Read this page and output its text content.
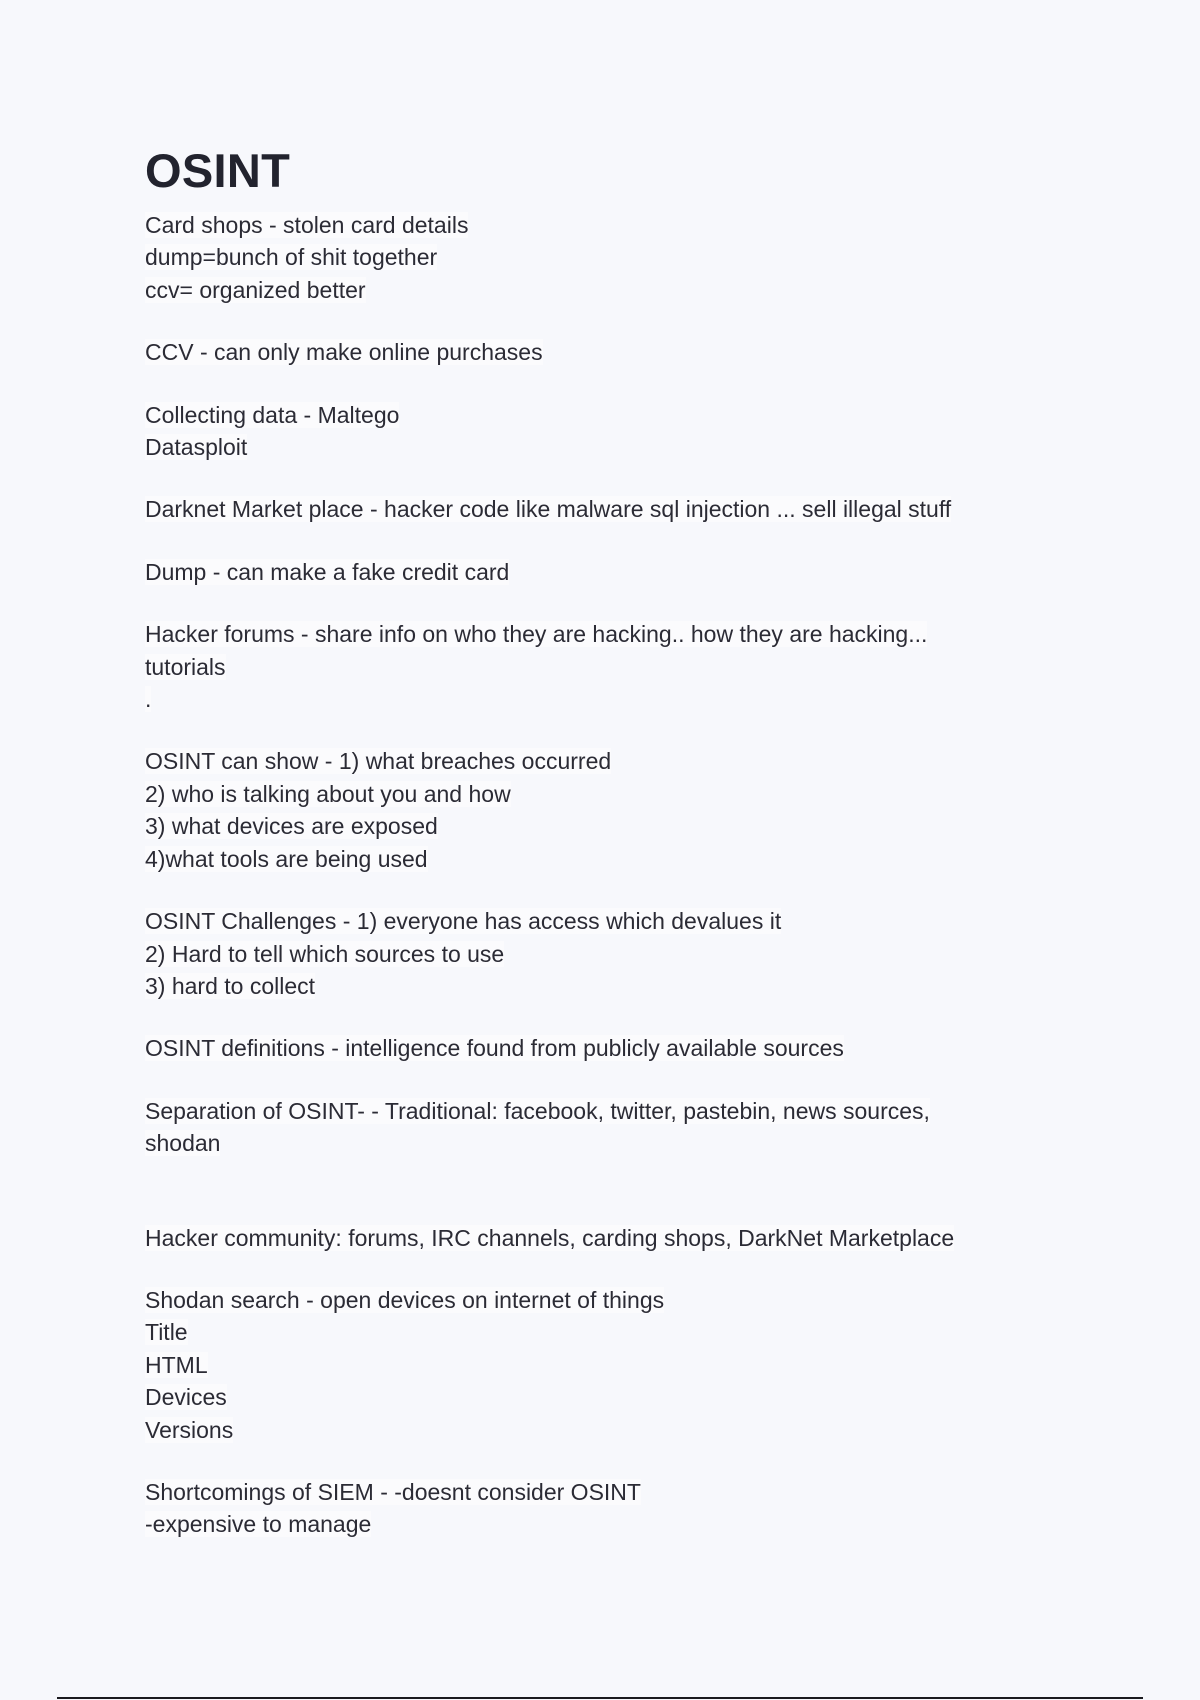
OSINT
Card shops - stolen card details
dump=bunch of shit together
ccv= organized better
CCV - can only make online purchases
Collecting data - Maltego
Datasploit
Darknet Market place - hacker code like malware sql injection ... sell illegal stuff
Dump - can make a fake credit card
Hacker forums - share info on who they are hacking.. how they are hacking...
tutorials
.
OSINT can show - 1) what breaches occurred
2) who is talking about you and how
3) what devices are exposed
4)what tools are being used
OSINT Challenges - 1) everyone has access which devalues it
2) Hard to tell which sources to use
3) hard to collect
OSINT definitions - intelligence found from publicly available sources
Separation of OSINT- - Traditional: facebook, twitter, pastebin, news sources,
shodan
Hacker community: forums, IRC channels, carding shops, DarkNet Marketplace
Shodan search - open devices on internet of things
Title
HTML
Devices
Versions
Shortcomings of SIEM - -doesnt consider OSINT
-expensive to manage
